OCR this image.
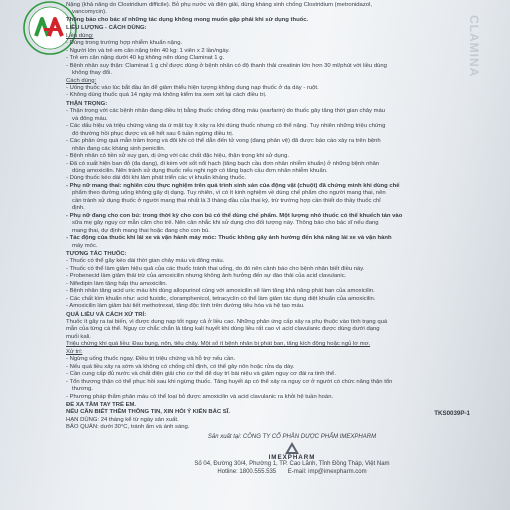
CLAMINA

Nặng (khả năng do Clostridium difficile). Bỏ phụ nước và điện giải, dùng kháng sinh chống Clostridium (metronidazol,

vancomycin).

Thông báo cho bác sĩ những tác dụng không mong muốn gặp phải khi sử dụng thuốc.

LIỀU LƯỢNG - CÁCH DÙNG:

Liều dùng:

- Dùng trong trường hợp nhiễm khuẩn nặng.

- Người lớn và trẻ em cân nặng trên 40 kg: 1 viên x 2 lần/ngày.

- Trẻ em cân nặng dưới 40 kg không nên dùng Claminat 1 g.

- Bệnh nhân suy thận: Claminat 1 g chỉ được dùng ở bệnh nhân có độ thanh thải creatinin lớn hơn 30 ml/phút với liều dùng

không thay đổi.

Cách dùng:

- Uống thuốc vào lúc bắt đầu ăn để giảm thiểu hiện tượng không dung nạp thuốc ở dạ dày - ruột.

- Không dùng thuốc quá 14 ngày mà không kiểm tra xem xét lại cách điều trị.

THẬN TRỌNG:

- Thận trọng với các bệnh nhân đang điều trị bằng thuốc chống đông máu (warfarin) do thuốc gây tăng thời gian chảy máu

và đông máu.

- Các dấu hiệu và triệu chứng vàng da ứ mật tuy ít xảy ra khi dùng thuốc nhưng có thể nặng. Tuy nhiên những triệu chứng

đó thường hồi phục được và sẽ hết sau 6 tuần ngừng điều trị.

- Các phản ứng quá mẫn trầm trọng và đôi khi có thể dẫn đến tử vong (đang phản vệ) đã được báo cáo xảy ra trên bệnh

nhân đang các kháng sinh penicilin.

- Bệnh nhân có tiền sử suy gan, dị ứng với các chất đặc hiệu, thận trọng khi sử dụng.

- Đã có xuất hiện ban đỏ (đa dạng), đi kèm với sốt nổi hạch (tăng bạch cầu đơn nhân nhiễm khuẩn) ở những bệnh nhân

dùng amoxicilin. Nên tránh sử dụng thuốc nếu nghi ngờ có tăng bạch cầu đơn nhân nhiễm khuẩn.

- Dùng thuốc kéo dài đôi khi làm phát triển các vi khuẩn kháng thuốc.

- Phụ nữ mang thai: nghiên cứu thực nghiệm trên quá trình sinh sản của động vật (chuột) đã chứng minh khi dùng chế

phẩm theo đường uống không gây dị dạng. Tuy nhiên, vì có ít kinh nghiệm về dùng chế phẩm cho người mang thai, nên

cần tránh sử dụng thuốc ở người mang thai nhất là 3 tháng đầu của thai kỳ, trừ trường hợp cần thiết do thầy thuốc chỉ

định.

- Phụ nữ đang cho con bú: trong thời kỳ cho con bú có thể dùng chế phẩm. Một lượng nhỏ thuốc có thể khuếch tán vào

sữa mẹ gây nguy cơ mẫn cảm cho trẻ. Nên cân nhắc khi sử dụng cho đối tượng này. Thông báo cho bác sĩ nếu đang

mang thai, dự định mang thai hoặc đang cho con bú.

- Tác động của thuốc khi lái xe và vận hành máy móc: Thuốc không gây ảnh hưởng đến khả năng lái xe và vận hành

máy móc.

TƯƠNG TÁC THUỐC:

- Thuốc có thể gây kéo dài thời gian chảy máu và đông máu.

- Thuốc có thể làm giảm hiệu quả của các thuốc tránh thai uống, do đó nên cảnh báo cho bệnh nhân biết điều này.

- Probenecid làm giảm thải trừ của amoxicilin nhưng không ảnh hưởng đến sự đào thải của acid clavulanic.

- Nifedipin làm tăng hấp thu amoxicilin.

- Bệnh nhân tăng acid uric máu khi dùng allopurinol cùng với amoxicilin sẽ làm tăng khả năng phát ban của amoxicilin.

- Các chất kìm khuẩn như: acid fusidic, cloramphenicol, tetracyclin có thể làm giảm tác dụng diệt khuẩn của amoxicilin.

- Amoxicilin làm giảm bài tiết methotrexat, tăng độc tính trên đường tiêu hóa và hệ tạo máu.

QUÁ LIỀU VÀ CÁCH XỬ TRÍ:

Thuốc ít gây ra tai biến, vì được dung nạp tốt ngay cả ở liều cao. Những phản ứng cấp xảy ra phụ thuộc vào tình trạng quá

mẫn của từng cá thể. Nguy cơ chắc chắn là tăng kali huyết khi dùng liều rất cao vì acid clavulanic được dùng dưới dạng

muối kali.

Triệu chứng khi quá liều: Đau bụng, nôn, tiêu chảy. Một số ít bệnh nhân bị phát ban, tăng kích động hoặc ngủ lơ mơ.

Xử trí:

- Ngừng uống thuốc ngay. Điều trị triệu chứng và hỗ trợ nếu cần.

- Nếu quá liều xảy ra sớm và không có chống chỉ định, có thể gây nôn hoặc rửa dạ dày.

- Cần cung cấp đủ nước và chất điện giải cho cơ thể để duy trì bài niệu và giảm nguy cơ đái ra tinh thể.

- Tổn thương thận có thể phục hồi sau khi ngừng thuốc. Tăng huyết áp có thể xảy ra nguy cơ ở người có chức năng thận tổn

thương.

- Phương pháp thẩm phân máu có thể loại bỏ được amoxicilin và acid clavulanic ra khỏi hệ tuần hoàn.

ĐỂ XA TẦM TAY TRẺ EM.

NẾU CẦN BIẾT THÊM THÔNG TIN, XIN HỎI Ý KIẾN BÁC SĨ.

HẠN DÙNG: 24 tháng kể từ ngày sản xuất.

BẢO QUẢN: dưới 30°C, tránh ẩm và ánh sáng.

TKS0039P-1

Sản xuất tại: CÔNG TY CỔ PHẦN DƯỢC PHẨM IMEXPHARM

IMEXPHARM

Số 04, Đường 30/4, Phường 1, TP. Cao Lãnh, Tỉnh Đồng Tháp, Việt Nam

Hotline: 1800.555.535 E-mail: imp@imexpharm.com
